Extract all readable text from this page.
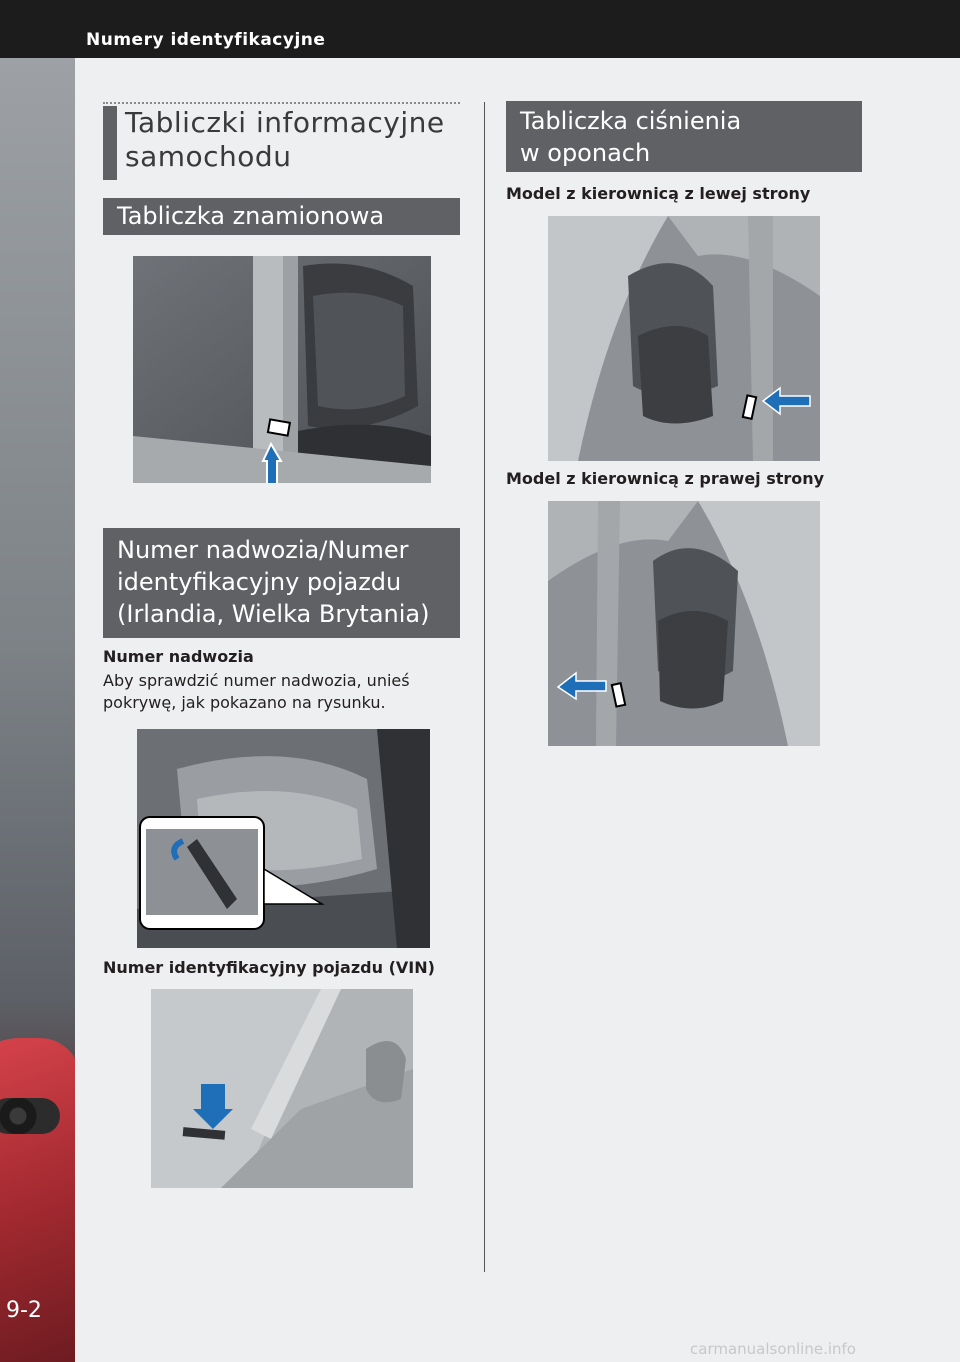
Numery identyfikacyjne
9-2
Tabliczki informacyjne
samochodu
Tabliczka znamionowa
Numer nadwozia/Numer
identyfikacyjny pojazdu
(Irlandia, Wielka Brytania)
Numer nadwozia
Aby sprawdzić numer nadwozia, unieś
pokrywę, jak pokazano na rysunku.
Numer identyfikacyjny pojazdu (VIN)
Tabliczka ciśnienia
w oponach
Model z kierownicą z lewej strony
Model z kierownicą z prawej strony
carmanualsonline.info
